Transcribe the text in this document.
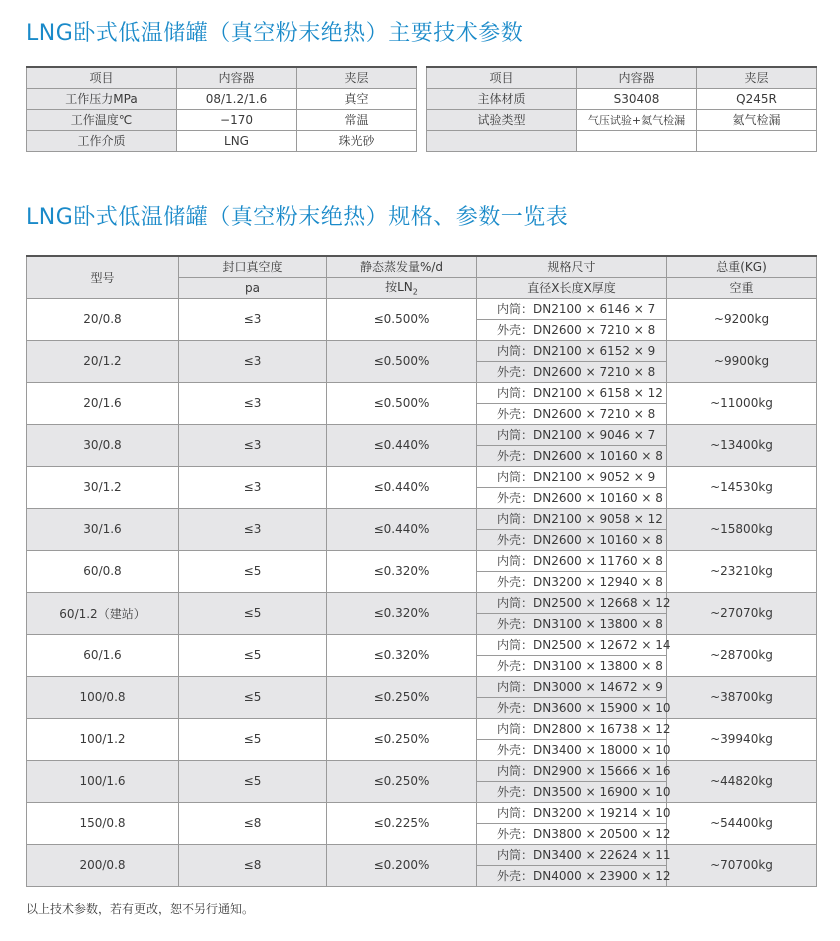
LNG卧式低温储罐（真空粉末绝热）主要技术参数
项目	内容器	夹层
工作压力MPa	08/1.2/1.6	真空
工作温度℃	−170	常温
工作介质	LNG	珠光砂
项目	内容器	夹层
主体材质	S30408	Q245R
试验类型	气压试验+氦气检漏	氦气检漏

LNG卧式低温储罐（真空粉末绝热）规格、参数一览表
型号	封口真空度	静态蒸发量%/d	规格尺寸	总重(KG)
	pa	按$LN_2$	直径X长度X厚度	空重
20/0.8	≤3	≤0.500%	内筒：DN2100 × 6146 × 7	~9200kg
			外壳：DN2600 × 7210 × 8	
20/1.2	≤3	≤0.500%	内筒：DN2100 × 6152 × 9	~9900kg
			外壳：DN2600 × 7210 × 8	
20/1.6	≤3	≤0.500%	内筒：DN2100 × 6158 × 12	~11000kg
			外壳：DN2600 × 7210 × 8	
30/0.8	≤3	≤0.440%	内筒：DN2100 × 9046 × 7	~13400kg
			外壳：DN2600 × 10160 × 8	
30/1.2	≤3	≤0.440%	内筒：DN2100 × 9052 × 9	~14530kg
			外壳：DN2600 × 10160 × 8	
30/1.6	≤3	≤0.440%	内筒：DN2100 × 9058 × 12	~15800kg
			外壳：DN2600 × 10160 × 8	
60/0.8	≤5	≤0.320%	内筒：DN2600 × 11760 × 8	~23210kg
			外壳：DN3200 × 12940 × 8	
60/1.2（建站）	≤5	≤0.320%	内筒：DN2500 × 12668 × 12	~27070kg
			外壳：DN3100 × 13800 × 8	
60/1.6	≤5	≤0.320%	内筒：DN2500 × 12672 × 14	~28700kg
			外壳：DN3100 × 13800 × 8	
100/0.8	≤5	≤0.250%	内筒：DN3000 × 14672 × 9	~38700kg
			外壳：DN3600 × 15900 × 10	
100/1.2	≤5	≤0.250%	内筒：DN2800 × 16738 × 12	~39940kg
			外壳：DN3400 × 18000 × 10	
100/1.6	≤5	≤0.250%	内筒：DN2900 × 15666 × 16	~44820kg
			外壳：DN3500 × 16900 × 10	
150/0.8	≤8	≤0.225%	内筒：DN3200 × 19214 × 10	~54400kg
			外壳：DN3800 × 20500 × 12	
200/0.8	≤8	≤0.200%	内筒：DN3400 × 22624 × 11	~70700kg
			外壳：DN4000 × 23900 × 12	
以上技术参数，若有更改，恕不另行通知。
